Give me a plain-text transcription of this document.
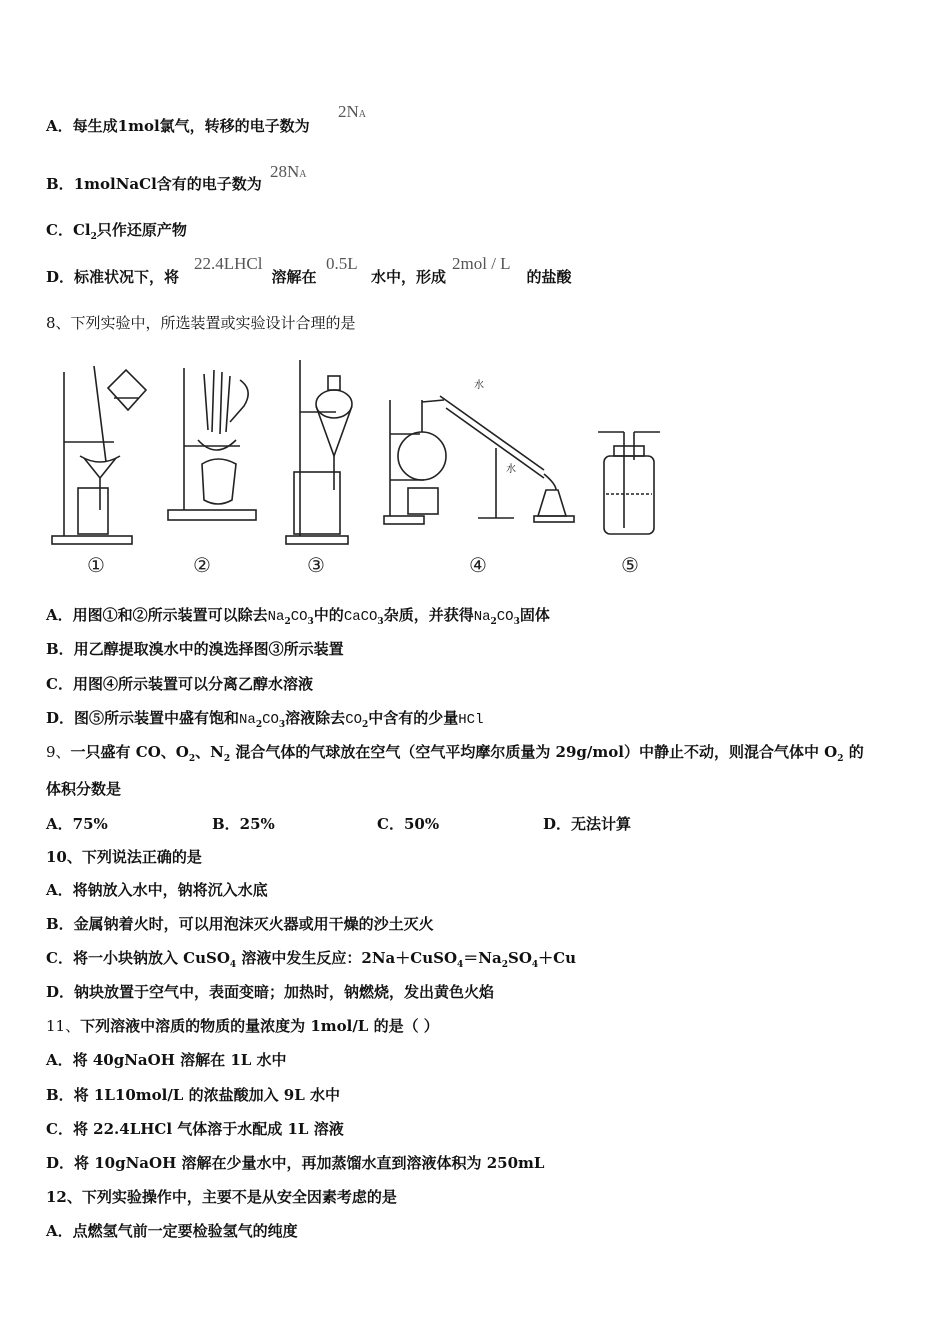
A．每生成1mol氯气，转移的电子数为
2NA
B．1molNaCl含有的电子数为
28NA
C．$Cl_2$只作还原产物
D．标准状况下，将	溶解在	水中，形成	的盐酸
22.4LHCl	0.5L	2mol / L
8、下列实验中，所选装置或实验设计合理的是
水
水
①	②	③	④	⑤
A．用图①和②所示装置可以除去$Na_2CO_3$中的CaCO$_3$杂质，并获得$Na_2CO_3$固体
B．用乙醇提取溴水中的溴选择图③所示装置
C．用图④所示装置可以分离乙醇水溶液
D．图⑤所示装置中盛有饱和$Na_2CO_3$溶液除去$CO_2$中含有的少量HCl
9、一只盛有 CO、$O_2$、$N_2$ 混合气体的气球放在空气（空气平均摩尔质量为 29g/mol）中静止不动，则混合气体中 $O_2$ 的
体积分数是
A．75%	B．25%	C．50%	D．无法计算
10、下列说法正确的是
A．将钠放入水中，钠将沉入水底
B．金属钠着火时，可以用泡沫灭火器或用干燥的沙土灭火
C．将一小块钠放入 CuSO$_4$ 溶液中发生反应：$2Na+CuSO_4=Na_2SO_4+Cu$
D．钠块放置于空气中，表面变暗；加热时，钠燃烧，发出黄色火焰
11、下列溶液中溶质的物质的量浓度为 1mol/L 的是（ ）
A．将 40gNaOH 溶解在 1L 水中
B．将 1L10mol/L 的浓盐酸加入 9L 水中
C．将 22.4LHCl 气体溶于水配成 1L 溶液
D．将 10gNaOH 溶解在少量水中，再加蒸馏水直到溶液体积为 250mL
12、下列实验操作中，主要不是从安全因素考虑的是
A．点燃氢气前一定要检验氢气的纯度
